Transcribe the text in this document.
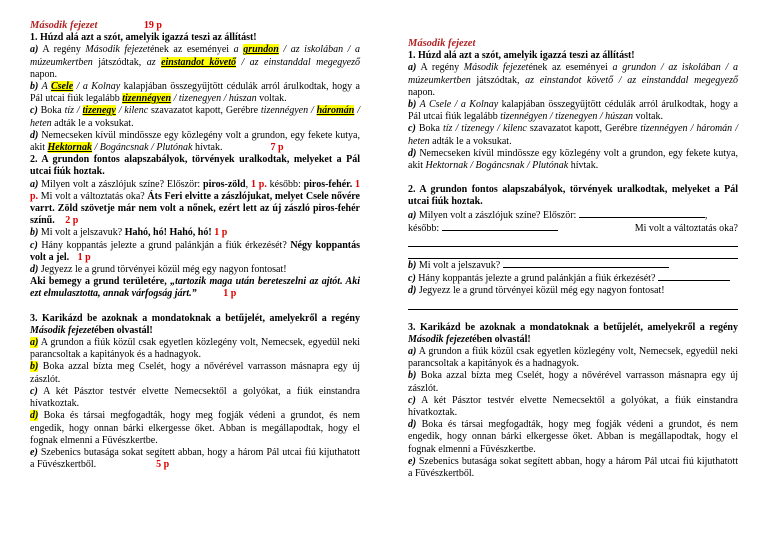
Második fejezet	19 p

1. Húzd alá azt a szót, amelyik igazzá teszi az állítást!

a) A regény Második fejezetének az eseményei a grundon / az iskolában / a múzeumkertben játszódtak, az einstandot követő / az einstanddal megegyező napon.

b) A Csele / a Kolnay kalapjában összegyűjtött cédulák arról árulkodtak, hogy a Pál utcai fiúk legalább tizennégyen / tizenegyen / húszan voltak.

c) Boka tíz / tizenegy / kilenc szavazatot kapott, Gerébre tizennégyen / háromán / heten adták le a voksukat.

d) Nemecseken kívül mindössze egy közlegény volt a grundon, egy fekete kutya, akit Hektornak / Bogáncsnak / Plutónak hívtak.	7 p

2. A grundon fontos alapszabályok, törvények uralkodtak, melyeket a Pál utcai fiúk hoztak.

a) Milyen volt a zászlójuk színe? Először: piros-zöld, 1 p. később: piros-fehér. 1 p. Mi volt a változtatás oka? Áts Feri elvitte a zászlójukat, melyet Csele nővére varrt. Zöld szövetje már nem volt a nőnek, ezért lett az új zászló piros-fehér színű. 2 p

b) Mi volt a jelszavuk? Hahó, hó! Hahó, hó! 1 p

c) Hány koppantás jelezte a grund palánkján a fiúk érkezését? Négy koppantás volt a jel. 1 p

d) Jegyezz le a grund törvényei közül még egy nagyon fontosat!

Aki bemegy a grund területére, „tartozik maga után bereteszelni az ajtót. Aki ezt elmulasztotta, annak várfogság járt.”	1 p

3. Karikázd be azoknak a mondatoknak a betűjelét, amelyekről a regény Második fejezetében olvastál!

a) A grundon a fiúk közül csak egyetlen közlegény volt, Nemecsek, egyedül neki parancsoltak a kapitányok és a hadnagyok.

b) Boka azzal bízta meg Cselét, hogy a nővérével varrasson másnapra egy új zászlót.

c) A két Pásztor testvér elvette Nemecsektől a golyókat, a fiúk einstandra hívatkoztak.

d) Boka és társai megfogadták, hogy meg fogják védeni a grundot, és nem engedik, hogy onnan bárki elkergesse őket. Abban is megállapodtak, hogy el fognak elmenni a Füvészkertbe.

e) Szebenics butasága sokat segített abban, hogy a három Pál utcai fiú kijuthatott a Füvészkertből.	5 p

Második fejezet

1. Húzd alá azt a szót, amelyik igazzá teszi az állítást!

a) A regény Második fejezetének az eseményei a grundon / az iskolában / a múzeumkertben játszódtak, az einstandot követő / az einstanddal megegyező napon.

b) A Csele / a Kolnay kalapjában összegyűjtött cédulák arról árulkodtak, hogy a Pál utcai fiúk legalább tizennégyen / tizenegyen / húszan voltak.

c) Boka tíz / tizenegy / kilenc szavazatot kapott, Gerébre tizennégyen / háromán / heten adták le a voksukat.

d) Nemecseken kívül mindössze egy közlegény volt a grundon, egy fekete kutya, akit Hektornak / Bogáncsnak / Plutónak hívtak.

2. A grundon fontos alapszabályok, törvények uralkodtak, melyeket a Pál utcai fiúk hoztak.

a) Milyen volt a zászlójuk színe? Először:	,

később:	Mi volt a változtatás oka?

b) Mi volt a jelszavuk?

c) Hány koppantás jelezte a grund palánkján a fiúk érkezését?

d) Jegyezz le a grund törvényei közül még egy nagyon fontosat!

3. Karikázd be azoknak a mondatoknak a betűjelét, amelyekről a regény Második fejezetében olvastál!

a) A grundon a fiúk közül csak egyetlen közlegény volt, Nemecsek, egyedül neki parancsoltak a kapitányok és a hadnagyok.

b) Boka azzal bízta meg Cselét, hogy a nővérével varrasson másnapra egy új zászlót.

c) A két Pásztor testvér elvette Nemecsektől a golyókat, a fiúk einstandra hívatkoztak.

d) Boka és társai megfogadták, hogy meg fogják védeni a grundot, és nem engedik, hogy onnan bárki elkergesse őket. Abban is megállapodtak, hogy el fognak elmenni a Füvészkertbe.

e) Szebenics butasága sokat segített abban, hogy a három Pál utcai fiú kijuthatott a Füvészkertből.
